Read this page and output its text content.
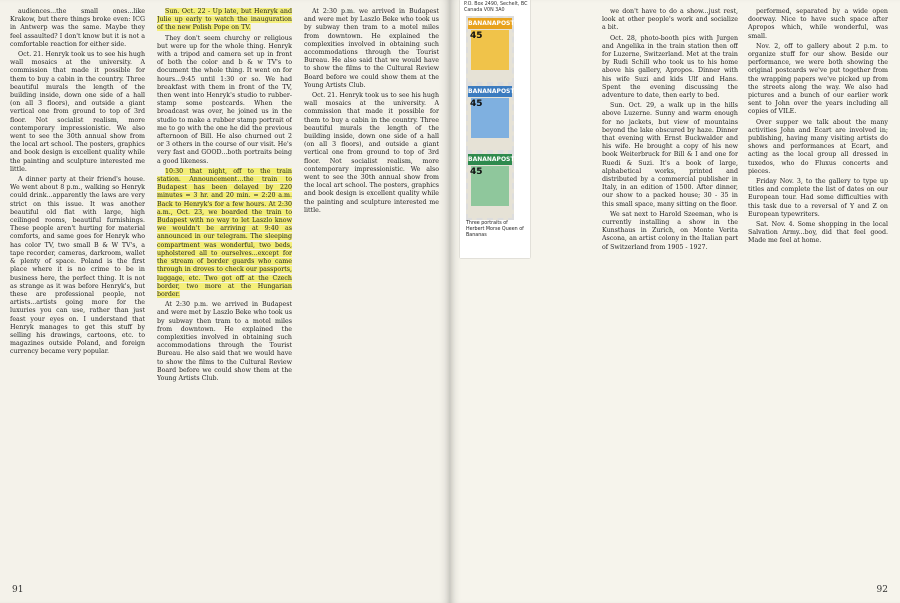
audiences...the small ones...like Krakow, but there things broke even: ICG in Antwerp was the same. Maybe they feel assaulted? I don't know but it is not a comfortable reaction for either side.

Oct. 21. Henryk took us to see his hugh wall mosaics at the university. A commission that made it possible for them to buy a cabin in the country. Three beautiful murals the length of the building inside, down one side of a hall (on all 3 floors), and outside a giant vertical one from ground to top of 3rd floor. Not socialist realism, more contemporary impressionistic. We also went to see the 30th annual show from the local art school. The posters, graphics and book design is excellent quality while the painting and sculpture interested me little.

A dinner party at their friend's house. We went about 8 p.m., walking so Henryk could drink...apparently the laws are very strict on this issue. It was another beautiful old flat with large, high ceilinged rooms, beautiful furnishings. These people aren't hurting for material comforts, and same goes for Henryk who has color TV, two small B & W TV's, a tape recorder, cameras, darkroom, wallet & plenty of space. Poland is the first place where it is no crime to be in business here, the perfect thing. It is not as strange as it was before Henryk's, but these are professional people, not artists...artists going more for the luxuries you can use, rather than just feast your eyes on. I understand that Henryk manages to get this stuff by selling his drawings, cartoons, etc. to magazines outside Poland, and foreign currency became very popular.

Sun. Oct. 22 - Up late, but Henryk and Julie up early to watch the inauguration of the new Polish Pope on TV.

They don't seem churchy or religious but were up for the whole thing. Henryk with a tripod and camera set up in front of both the color and b & w TV's to document the whole thing. It went on for hours...9:45 until 1:30 or so. We had breakfast with them in front of the TV, then went into Henryk's studio to rubber-stamp some postcards. When the broadcast was over, he joined us in the studio to make a rubber stamp portrait of me to go with the one he did the previous afternoon of Bill. He also churned out 2 or 3 others in the course of our visit. He's very fast and GOOD...both portraits being a good likeness.

10:30 that night, off to the train station. Announcement...the train to Budapest has been delayed by 220 minutes = 3 hr. and 20 min. = 2:20 a.m. Back to Henryk's for a few hours. At 2:30 a.m., Oct. 23, we boarded the train to Budapest with no way to let Laszlo know we wouldn't be arriving at 9:40 as announced in our telegram. The sleeping compartment was wonderful, two beds, upholstered all to ourselves...except for the stream of border guards who came through in droves to check our passports, luggage, etc. Two got off at the Czech border, two more at the Hungarian border.

At 2:30 p.m. we arrived in Budapest and were met by Laszlo Beke who took us by subway then tram to a motel miles from downtown. He explained the complexities involved in obtaining such accommodations through the Tourist Bureau. He also said that we would have to show the films to the Cultural Review Board before we could show them at the Young Artists Club.

At 2:30 p.m. we arrived in Budapest and were met by Laszlo Beke who took us by subway then tram to a motel miles from downtown. He explained the complexities involved in obtaining such accommodations through the Tourist Bureau. He also said that we would have to show the films to the Cultural Review Board before we could show them at the Young Artists Club.

Oct. 21. Henryk took us to see his hugh wall mosaics at the university. A commission that made it possible for them to buy a cabin in the country. Three beautiful murals the length of the building inside, down one side of a hall (on all 3 floors), and outside a giant vertical one from ground to top of 3rd floor. Not socialist realism, more contemporary impressionistic. We also went to see the 30th annual show from the local art school. The posters, graphics and book design is excellent quality while the painting and sculpture interested me little.

91
P.O. Box 2490, Sechelt, BC
Canada V0N 3A0
BANANAPOST
45
BANANAPOST
45
BANANAPOST
45
Three portraits of Herbert Morse Queen of Bananas

we don't have to do a show...just rest, look at other people's work and socialize a bit.

Oct. 28, photo-booth pics with Jurgen and Angelika in the train station then off for Luzerne, Switzerland. Met at the train by Rudi Schill who took us to his home above his gallery, Apropos. Dinner with his wife Suzi and kids Ulf and Hans. Spent the evening discussing the adventure to date, then early to bed.

Sun. Oct. 29, a walk up in the hills above Luzerne. Sunny and warm enough for no jackets, but view of mountains beyond the lake obscured by haze. Dinner that evening with Ernst Buckwalder and his wife. He brought a copy of his new book Weiterbruck for Bill & I and one for Ruedi & Suzi. It's a book of large, alphabetical works, printed and distributed by a commercial publisher in Italy, in an edition of 1500. After dinner, our show to a packed house; 30 - 35 in this small space, many sitting on the floor.

We sat next to Harold Szeeman, who is currently installing a show in the Kunsthaus in Zurich, on Monte Verita Ascona, an artist colony in the Italian part of Switzerland from 1905 - 1927.

performed, separated by a wide open doorway. Nice to have such space after Apropos which, while wonderful, was small.

Nov. 2, off to gallery about 2 p.m. to organize stuff for our show. Beside our performance, we were both showing the original postcards we've put together from the wrapping papers we've picked up from the streets along the way. We also had pictures and a bunch of our earlier work sent to John over the years including all copies of VILE.

Over supper we talk about the many activities John and Ecart are involved in; publishing, having many visiting artists do shows and performances at Ecart, and acting as the local group all dressed in tuxedos, who do Fluxus concerts and pieces.

Friday Nov. 3, to the gallery to type up titles and complete the list of dates on our European tour. Had some difficulties with this task due to a reversal of Y and Z on European typewriters.

Sat. Nov. 4. Some shopping in the local Salvation Army...boy, did that feel good. Made me feel at home.

92
